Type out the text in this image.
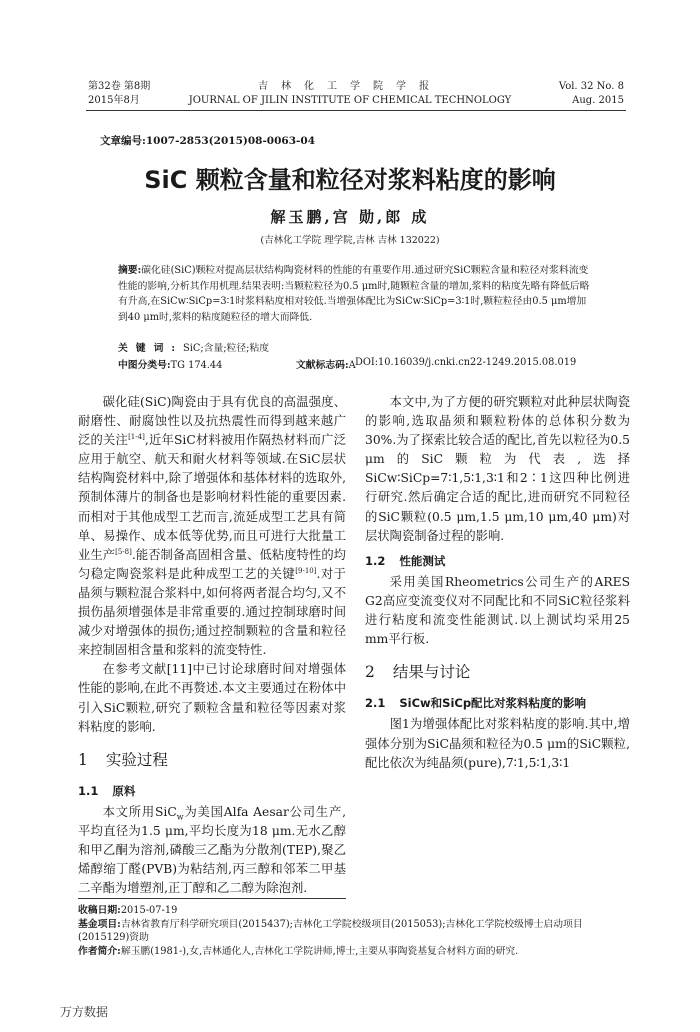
第32卷 第8期
2015年8月
吉林化工学院学报
JOURNAL OF JILIN INSTITUTE OF CHEMICAL TECHNOLOGY
Vol. 32 No. 8
Aug. 2015
文章编号:1007-2853(2015)08-0063-04
SiC 颗粒含量和粒径对浆料粘度的影响
解玉鹏,宫 勋,郎 成
(吉林化工学院 理学院,吉林 吉林 132022)
摘要:碳化硅(SiC)颗粒对提高层状结构陶瓷材料的性能的有重要作用.通过研究SiC颗粒含量和粒径对浆料流变性能的影响,分析其作用机理.结果表明:当颗粒粒径为0.5 μm时,随颗粒含量的增加,浆料的粘度先略有降低后略有升高,在SiCw∶SiCp=3∶1时浆料粘度相对较低.当增强体配比为SiCw∶SiCp=3∶1时,颗粒粒径由0.5 μm增加到40 μm时,浆料的粘度随粒径的增大而降低.
关键词:SiC;含量;粒径;粘度
中图分类号:TG 174.44	文献标志码:A DOI:10.16039/j.cnki.cn22-1249.2015.08.019

碳化硅(SiC)陶瓷由于具有优良的高温强度、耐磨性、耐腐蚀性以及抗热震性而得到越来越广泛的关注[1-4],近年SiC材料被用作隔热材料而广泛应用于航空、航天和耐火材料等领域.在SiC层状结构陶瓷材料中,除了增强体和基体材料的选取外,预制体薄片的制备也是影响材料性能的重要因素.而相对于其他成型工艺而言,流延成型工艺具有简单、易操作、成本低等优势,而且可进行大批量工业生产[5-8].能否制备高固相含量、低粘度特性的均匀稳定陶瓷浆料是此种成型工艺的关键[9-10].对于晶须与颗粒混合浆料中,如何将两者混合均匀,又不损伤晶须增强体是非常重要的.通过控制球磨时间减少对增强体的损伤;通过控制颗粒的含量和粒径来控制固相含量和浆料的流变特性.

在参考文献[11]中已讨论球磨时间对增强体性能的影响,在此不再赘述.本文主要通过在粉体中引入SiC颗粒,研究了颗粒含量和粒径等因素对浆料粘度的影响.

1 实验过程
1.1 原料

本文所用SiC$_w$为美国Alfa Aesar公司生产,平均直径为1.5 μm,平均长度为18 μm.无水乙醇和甲乙酮为溶剂,磷酸三乙酯为分散剂(TEP),聚乙烯醇缩丁醛(PVB)为粘结剂,丙三醇和邻苯二甲基二辛酯为增塑剂,正丁醇和乙二醇为除泡剂.

本文中,为了方便的研究颗粒对此种层状陶瓷的影响,选取晶须和颗粒粉体的总体积分数为30%.为了探索比较合适的配比,首先以粒径为0.5 μm的SiC颗粒为代表,选择SiCw∶SiCp=7∶1,5∶1,3∶1和2∶1这四种比例进行研究.然后确定合适的配比,进而研究不同粒径的SiC颗粒(0.5 μm,1.5 μm,10 μm,40 μm)对层状陶瓷制备过程的影响.

1.2 性能测试

采用美国Rheometrics公司生产的ARES G2高应变流变仪对不同配比和不同SiC粒径浆料进行粘度和流变性能测试.以上测试均采用25 mm平行板.

2 结果与讨论
2.1 SiCw和SiCp配比对浆料粘度的影响

图1为增强体配比对浆料粘度的影响.其中,增强体分别为SiC晶须和粒径为0.5 μm的SiC颗粒,配比依次为纯晶须(pure),7∶1,5∶1,3∶1

收稿日期:2015-07-19
基金项目:吉林省教育厅科学研究项目(2015437);吉林化工学院校级项目(2015053);吉林化工学院校级博士启动项目(2015129)资助
作者简介:解玉鹏(1981-),女,吉林通化人,吉林化工学院讲师,博士,主要从事陶瓷基复合材料方面的研究.
万方数据
